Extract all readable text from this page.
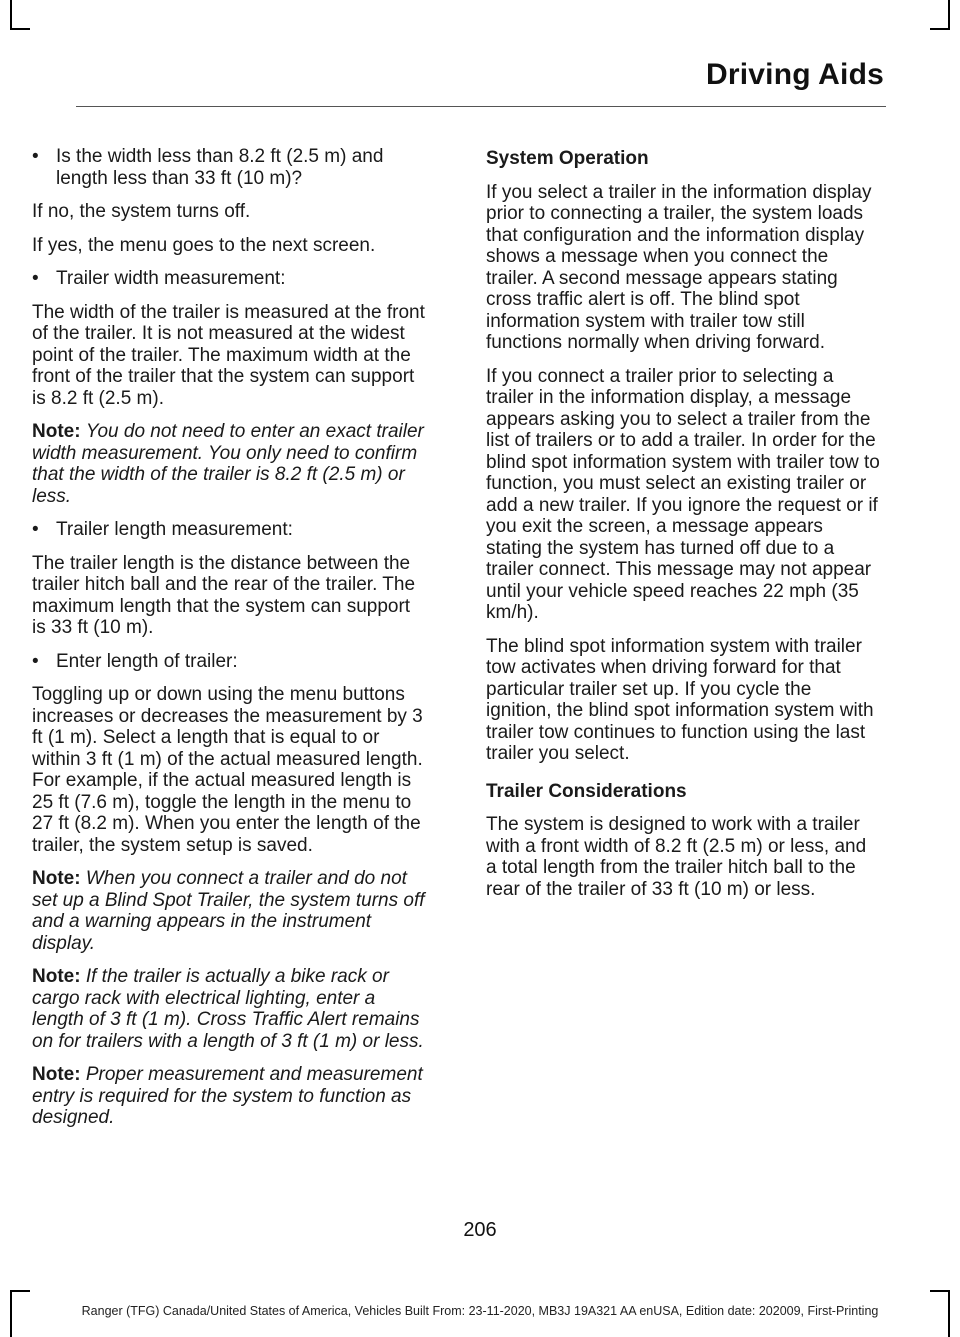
Driving Aids

• Is the width less than 8.2 ft (2.5 m) and length less than 33 ft (10 m)?

If no, the system turns off.

If yes, the menu goes to the next screen.

• Trailer width measurement:

The width of the trailer is measured at the front of the trailer. It is not measured at the widest point of the trailer. The maximum width at the front of the trailer that the system can support is 8.2 ft (2.5 m).

Note: You do not need to enter an exact trailer width measurement. You only need to confirm that the width of the trailer is 8.2 ft (2.5 m) or less.

• Trailer length measurement:

The trailer length is the distance between the trailer hitch ball and the rear of the trailer. The maximum length that the system can support is 33 ft (10 m).

• Enter length of trailer:

Toggling up or down using the menu buttons increases or decreases the measurement by 3 ft (1 m). Select a length that is equal to or within 3 ft (1 m) of the actual measured length. For example, if the actual measured length is 25 ft (7.6 m), toggle the length in the menu to 27 ft (8.2 m). When you enter the length of the trailer, the system setup is saved.

Note: When you connect a trailer and do not set up a Blind Spot Trailer, the system turns off and a warning appears in the instrument display.

Note: If the trailer is actually a bike rack or cargo rack with electrical lighting, enter a length of 3 ft (1 m). Cross Traffic Alert remains on for trailers with a length of 3 ft (1 m) or less.

Note: Proper measurement and measurement entry is required for the system to function as designed.

System Operation

If you select a trailer in the information display prior to connecting a trailer, the system loads that configuration and the information display shows a message when you connect the trailer. A second message appears stating cross traffic alert is off. The blind spot information system with trailer tow still functions normally when driving forward.

If you connect a trailer prior to selecting a trailer in the information display, a message appears asking you to select a trailer from the list of trailers or to add a trailer. In order for the blind spot information system with trailer tow to function, you must select an existing trailer or add a new trailer. If you ignore the request or if you exit the screen, a message appears stating the system has turned off due to a trailer connect. This message may not appear until your vehicle speed reaches 22 mph (35 km/h).

The blind spot information system with trailer tow activates when driving forward for that particular trailer set up. If you cycle the ignition, the blind spot information system with trailer tow continues to function using the last trailer you select.

Trailer Considerations

The system is designed to work with a trailer with a front width of 8.2 ft (2.5 m) or less, and a total length from the trailer hitch ball to the rear of the trailer of 33 ft (10 m) or less.

206
Ranger (TFG) Canada/United States of America, Vehicles Built From: 23-11-2020, MB3J 19A321 AA enUSA, Edition date: 202009, First-Printing
